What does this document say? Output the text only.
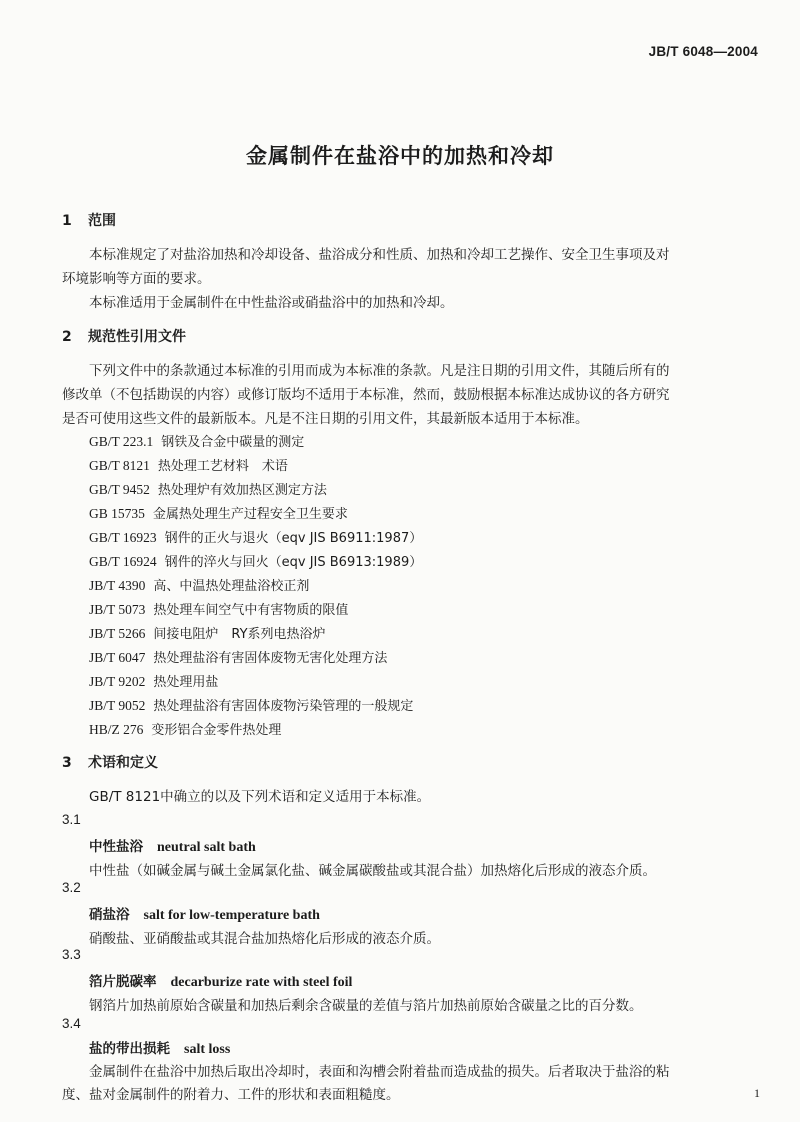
JB/T 6048—2004
金属制件在盐浴中的加热和冷却
1 范围
本标准规定了对盐浴加热和冷却设备、盐浴成分和性质、加热和冷却工艺操作、安全卫生事项及对
环境影响等方面的要求。
本标准适用于金属制件在中性盐浴或硝盐浴中的加热和冷却。
2 规范性引用文件
下列文件中的条款通过本标准的引用而成为本标准的条款。凡是注日期的引用文件，其随后所有的
修改单（不包括勘误的内容）或修订版均不适用于本标准，然而，鼓励根据本标准达成协议的各方研究
是否可使用这些文件的最新版本。凡是不注日期的引用文件，其最新版本适用于本标准。
GB/T 223.1 钢铁及合金中碳量的测定
GB/T 8121 热处理工艺材料　术语
GB/T 9452 热处理炉有效加热区测定方法
GB 15735 金属热处理生产过程安全卫生要求
GB/T 16923 钢件的正火与退火（eqv JIS B6911:1987）
GB/T 16924 钢件的淬火与回火（eqv JIS B6913:1989）
JB/T 4390 高、中温热处理盐浴校正剂
JB/T 5073 热处理车间空气中有害物质的限值
JB/T 5266 间接电阻炉　RY系列电热浴炉
JB/T 6047 热处理盐浴有害固体废物无害化处理方法
JB/T 9202 热处理用盐
JB/T 9052 热处理盐浴有害固体废物污染管理的一般规定
HB/Z 276 变形铝合金零件热处理
3 术语和定义
GB/T 8121中确立的以及下列术语和定义适用于本标准。
3.1
中性盐浴 neutral salt bath
中性盐（如碱金属与碱土金属氯化盐、碱金属碳酸盐或其混合盐）加热熔化后形成的液态介质。
3.2
硝盐浴 salt for low-temperature bath
硝酸盐、亚硝酸盐或其混合盐加热熔化后形成的液态介质。
3.3
箔片脱碳率 decarburize rate with steel foil
钢箔片加热前原始含碳量和加热后剩余含碳量的差值与箔片加热前原始含碳量之比的百分数。
3.4
盐的带出损耗 salt loss
金属制件在盐浴中加热后取出冷却时，表面和沟槽会附着盐而造成盐的损失。后者取决于盐浴的粘
度、盐对金属制件的附着力、工件的形状和表面粗糙度。	1
